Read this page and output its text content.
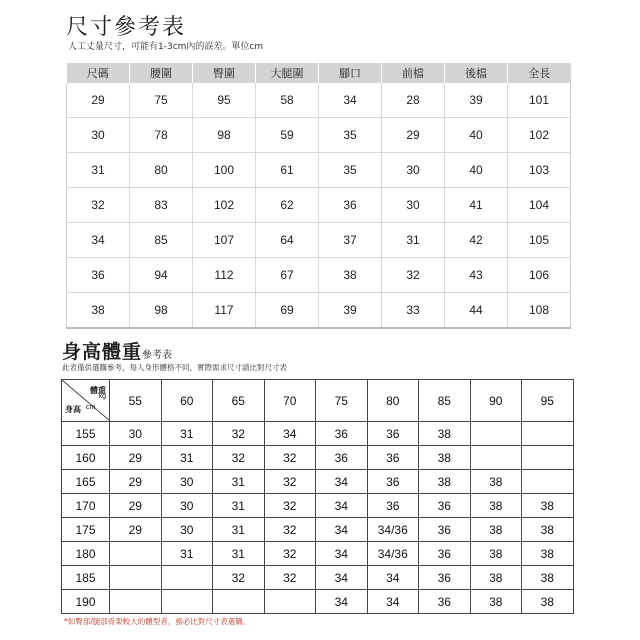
尺寸參考表
人工丈量尺寸，可能有1-3cm內的誤差。單位cm
尺碼	腰圍	臀圍	大腿圍	腳口	前檔	後檔	全長
29	75	95	58	34	28	39	101
30	78	98	59	35	29	40	102
31	80	100	61	35	30	40	103
32	83	102	62	36	30	41	104
34	85	107	64	37	31	42	105
36	94	112	67	38	32	43	106
38	98	117	69	39	33	44	108
身高體重參考表
此表僅供選購參考，每人身形體格不同，實際需求尺寸請比對尺寸表
體重
kg
身高 cm	55	60	65	70	75	80	85	90	95
155	30	31	32	34	36	36	38		
160	29	31	32	32	36	36	38		
165	29	30	31	32	34	36	38	38	
170	29	30	31	32	34	36	36	38	38
175	29	30	31	32	34	34/36	36	38	38
180		31	31	32	34	34/36	36	38	38
185			32	32	34	34	36	38	38
190					34	34	36	38	38
*如臀部/腿部骨架較大的體型者，務必比對尺寸表選購。
